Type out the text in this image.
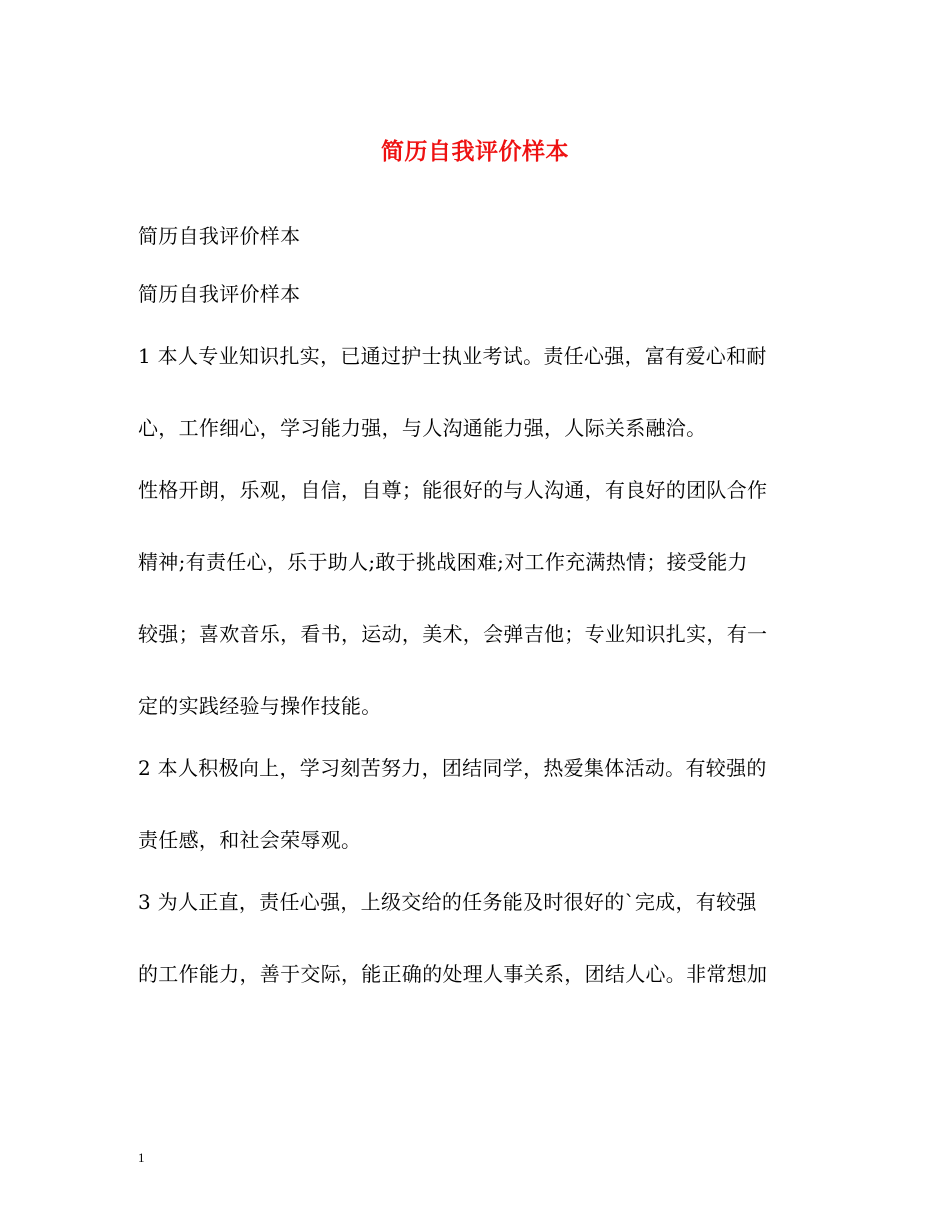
简历自我评价样本
简历自我评价样本
简历自我评价样本
1 本人专业知识扎实，已通过护士执业考试。责任心强，富有爱心和耐
心，工作细心，学习能力强，与人沟通能力强，人际关系融洽。
性格开朗，乐观，自信，自尊；能很好的与人沟通，有良好的团队合作
精神;有责任心，乐于助人;敢于挑战困难;对工作充满热情；接受能力
较强；喜欢音乐，看书，运动，美术，会弹吉他；专业知识扎实，有一
定的实践经验与操作技能。
2 本人积极向上，学习刻苦努力，团结同学，热爱集体活动。有较强的
责任感，和社会荣辱观。
3 为人正直，责任心强，上级交给的任务能及时很好的`完成，有较强
的工作能力，善于交际，能正确的处理人事关系，团结人心。非常想加
1
